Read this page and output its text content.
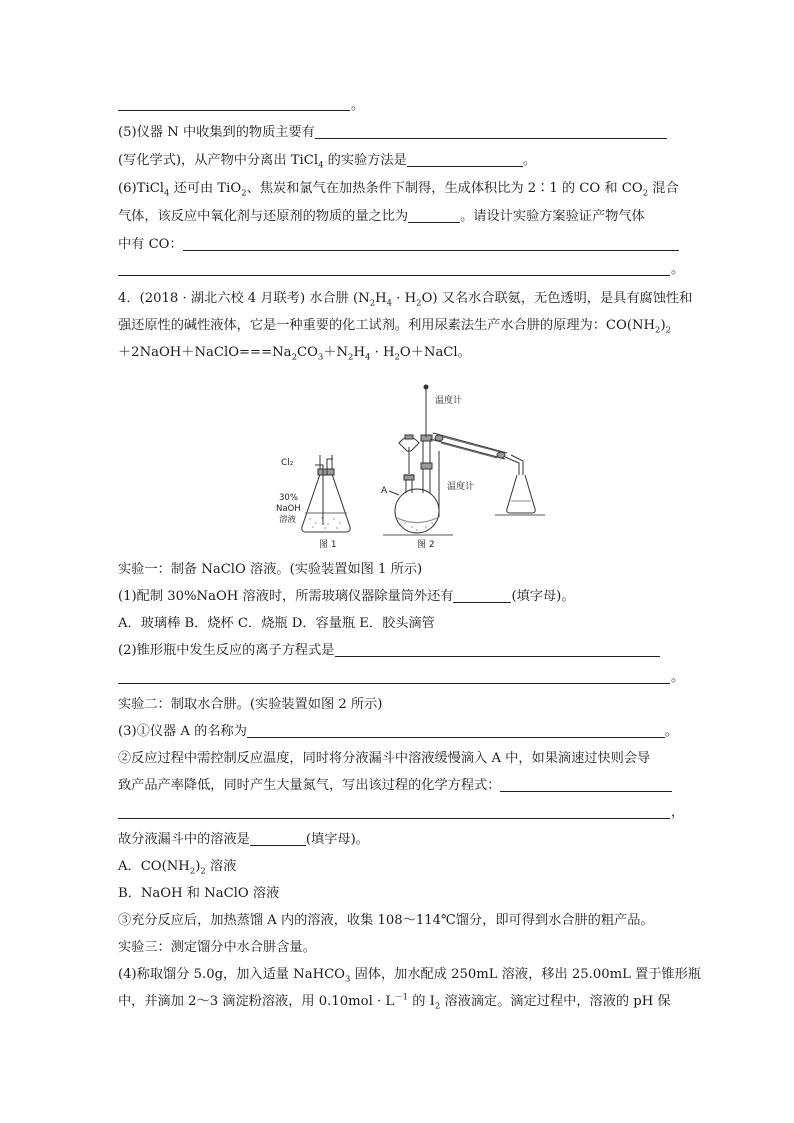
。
(5)仪器 N 中收集到的物质主要有
(写化学式)，从产物中分离出 TiCl$_4$ 的实验方法是	。
(6)TiCl$_4$ 还可由 TiO$_2$、焦炭和氯气在加热条件下制得，生成体积比为 2∶1 的 CO 和 $CO_2$ 混合
气体，该反应中氧化剂与还原剂的物质的量之比为	。请设计实验方案验证产物气体
中有 CO：
。
4．(2018 · 湖北六校 4 月联考) 水合肼 $(N_2H_4 \cdot H_2O)$ 又名水合联氨，无色透明，是具有腐蚀性和
强还原性的碱性液体，它是一种重要的化工试剂。利用尿素法生产水合肼的原理为：$CO(NH_2)_2$
$+2NaOH+NaClO===Na_2CO_3+N_2H_4$ · $H_2O+NaCl$。
Cl₂
30%
NaOH
溶液
温度计
温度计
A
图 1	图 2
实验一：制备 NaClO 溶液。(实验装置如图 1 所示)
(1)配制 30%NaOH 溶液时，所需玻璃仪器除量筒外还有	(填字母)。
A．玻璃棒 B．烧杯 C．烧瓶 D．容量瓶 E．胶头滴管
(2)锥形瓶中发生反应的离子方程式是
。
实验二：制取水合肼。(实验装置如图 2 所示)
(3)①仪器 A 的名称为	。
②反应过程中需控制反应温度，同时将分液漏斗中溶液缓慢滴入 A 中，如果滴速过快则会导
致产品产率降低，同时产生大量氮气，写出该过程的化学方程式：
，
故分液漏斗中的溶液是	(填字母)。
A．$CO(NH_2)_2$ 溶液
B．NaOH 和 NaClO 溶液
③充分反应后，加热蒸馏 A 内的溶液，收集 108～114℃馏分，即可得到水合肼的粗产品。
实验三：测定馏分中水合肼含量。
(4)称取馏分 5.0g，加入适量 NaHCO$_3$ 固体，加水配成 250mL 溶液，移出 25.00mL 置于锥形瓶
中，并滴加 2～3 滴淀粉溶液，用 $0.10mol \cdot L^{-1}$ 的 $I_2$ 溶液滴定。滴定过程中，溶液的 pH 保
